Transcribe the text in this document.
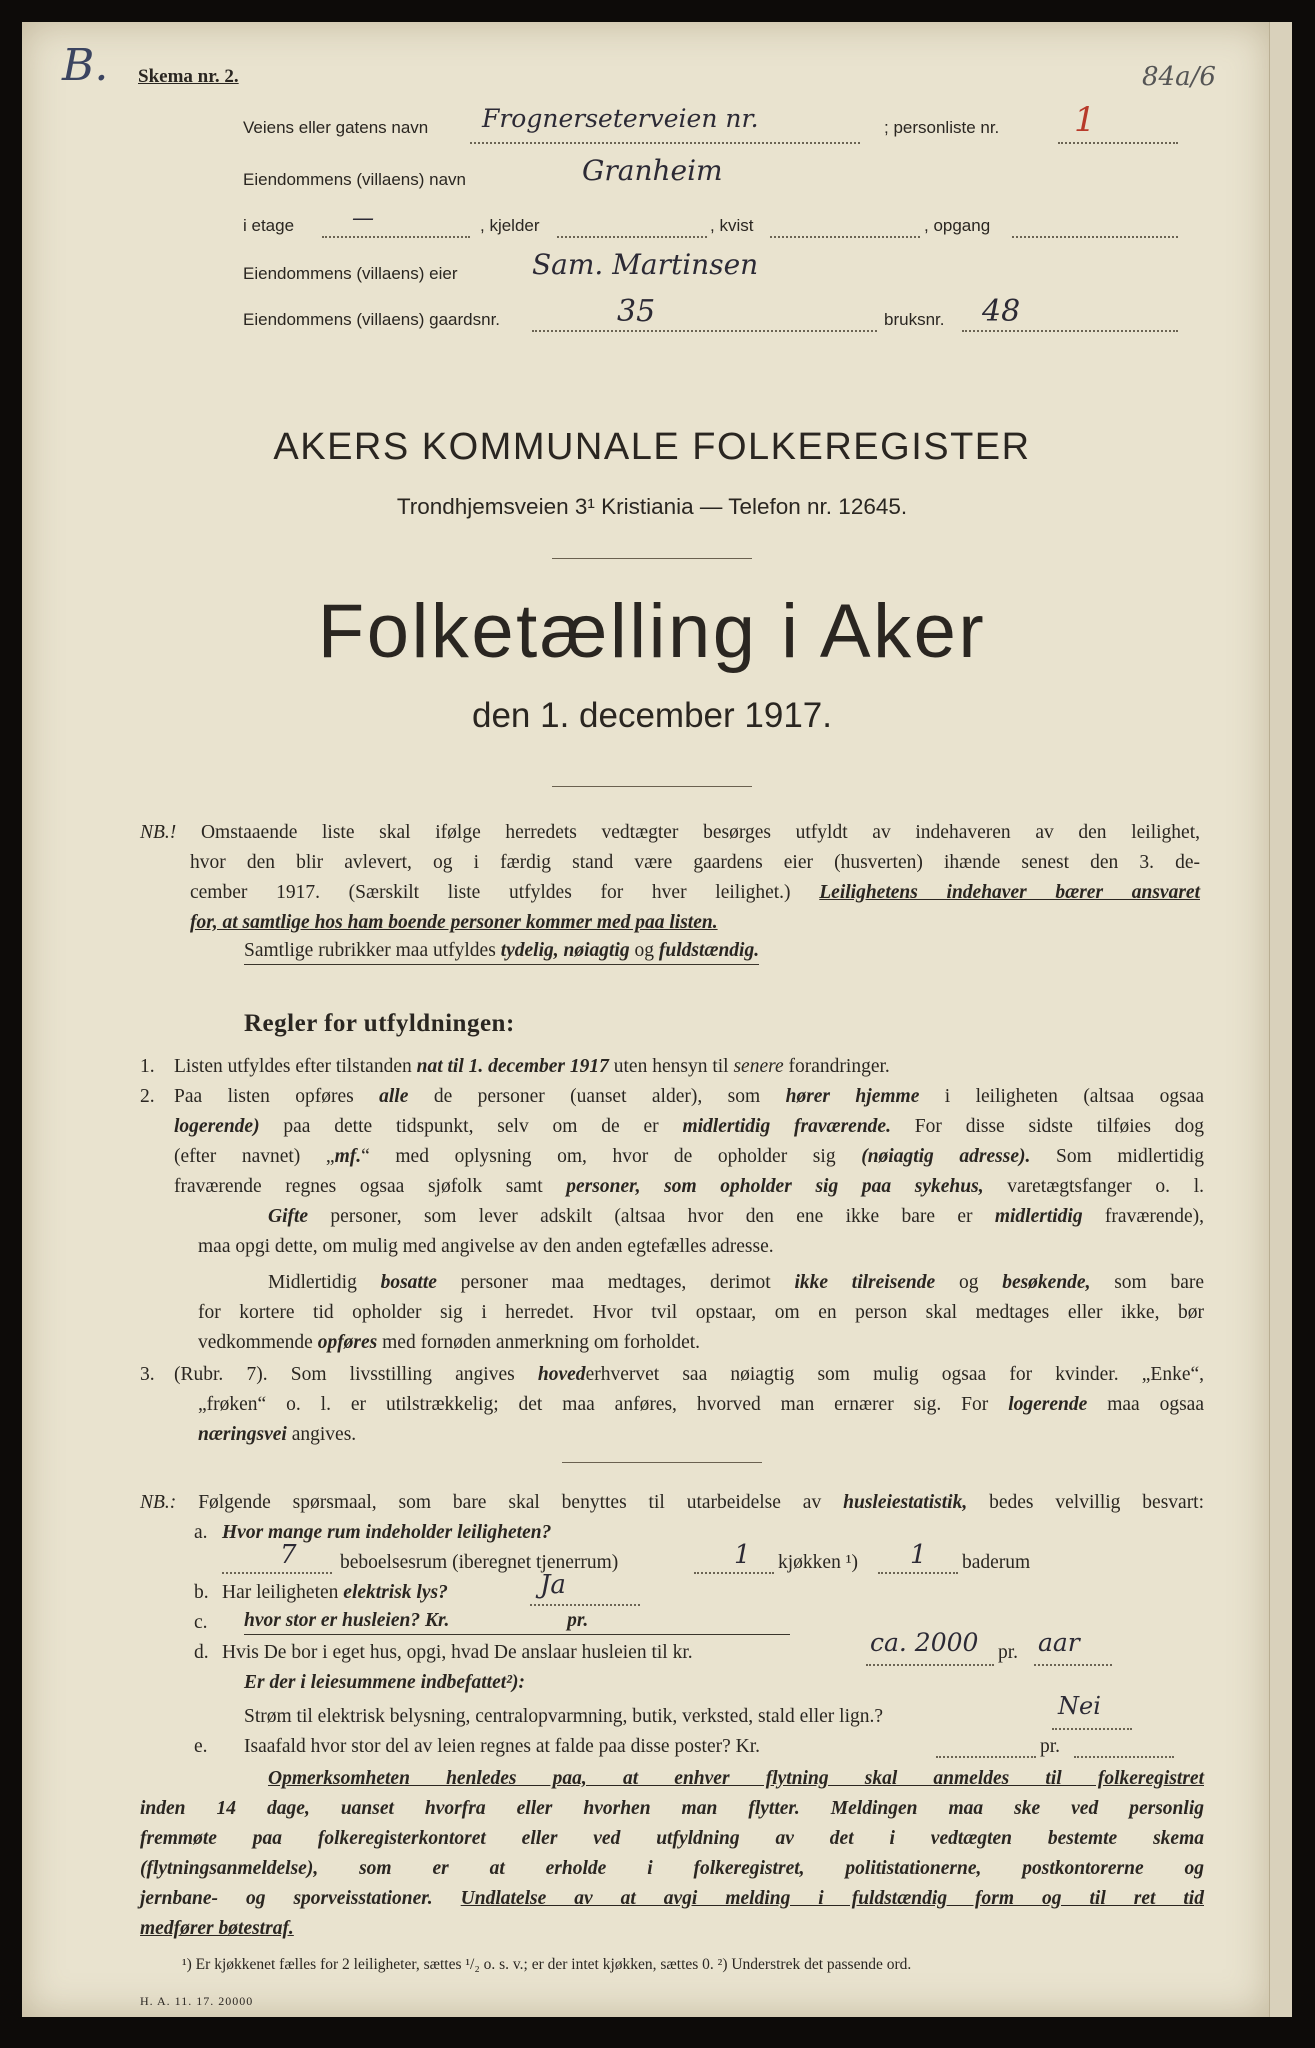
B.	84a/6
Skema nr. 2.
Veiens eller gatens navn Frognerseterveien nr.	; personliste nr. 1
Eiendommens (villaens) navn	Granheim
i etage	—	, kjelder	, kvist	, opgang
Eiendommens (villaens) eier	Sam. Martinsen
Eiendommens (villaens) gaardsnr.	35	bruksnr. 48
AKERS KOMMUNALE FOLKEREGISTER
Trondhjemsveien 3¹ Kristiania — Telefon nr. 12645.
Folketælling i Aker
den 1. december 1917.
NB.! Omstaaende liste skal ifølge herredets vedtægter besørges utfyldt av indehaveren av den leilighet,
hvor den blir avlevert, og i færdig stand være gaardens eier (husverten) ihænde senest den 3. de-
cember 1917. (Særskilt liste utfyldes for hver leilighet.) Leilighetens indehaver bærer ansvaret
for, at samtlige hos ham boende personer kommer med paa listen.
Samtlige rubrikker maa utfyldes tydelig, nøiagtig og fuldstændig.
Regler for utfyldningen:
1. Listen utfyldes efter tilstanden nat til 1. december 1917 uten hensyn til senere forandringer.
2. Paa listen opføres alle de personer (uanset alder), som hører hjemme i leiligheten (altsaa ogsaa
logerende) paa dette tidspunkt, selv om de er midlertidig fraværende. For disse sidste tilføies dog
(efter navnet) „mf.“ med oplysning om, hvor de opholder sig (nøiagtig adresse). Som midlertidig
fraværende regnes ogsaa sjøfolk samt personer, som opholder sig paa sykehus, varetægtsfanger o. l.
Gifte personer, som lever adskilt (altsaa hvor den ene ikke bare er midlertidig fraværende),
maa opgi dette, om mulig med angivelse av den anden egtefælles adresse.
Midlertidig bosatte personer maa medtages, derimot ikke tilreisende og besøkende, som bare
for kortere tid opholder sig i herredet. Hvor tvil opstaar, om en person skal medtages eller ikke, bør
vedkommende opføres med fornøden anmerkning om forholdet.
3. (Rubr. 7). Som livsstilling angives hovederhvervet saa nøiagtig som mulig ogsaa for kvinder. „Enke“,
„frøken“ o. l. er utilstrækkelig; det maa anføres, hvorved man ernærer sig. For logerende maa ogsaa
næringsvei angives.
NB.: Følgende spørsmaal, som bare skal benyttes til utarbeidelse av husleiestatistik, bedes velvillig besvart:
a. Hvor mange rum indeholder leiligheten?
7 beboelsesrum (iberegnet tjenerrum)	1 kjøkken ¹) 1 baderum
b. Har leiligheten elektrisk lys?	Ja
c. hvor stor er husleien? Kr.	pr.
d. Hvis De bor i eget hus, opgi, hvad De anslaar husleien til kr.	ca. 2000 pr. aar
Er der i leiesummene indbefattet²):
Strøm til elektrisk belysning, centralopvarmning, butik, verksted, stald eller lign.?	Nei
e. Isaafald hvor stor del av leien regnes at falde paa disse poster? Kr.	pr.
Opmerksomheten henledes paa, at enhver flytning skal anmeldes til folkeregistret
inden 14 dage, uanset hvorfra eller hvorhen man flytter. Meldingen maa ske ved personlig
fremmøte paa folkeregisterkontoret eller ved utfyldning av det i vedtægten bestemte skema
(flytningsanmeldelse), som er at erholde i folkeregistret, politistationerne, postkontorerne og
jernbane- og sporveisstationer. Undlatelse av at avgi melding i fuldstændig form og til ret tid
medfører bøtestraf.
¹) Er kjøkkenet fælles for 2 leiligheter, sættes ¹/₂ o. s. v.; er der intet kjøkken, sættes 0. ²) Understrek det passende ord.
H. A. 11. 17. 20000
